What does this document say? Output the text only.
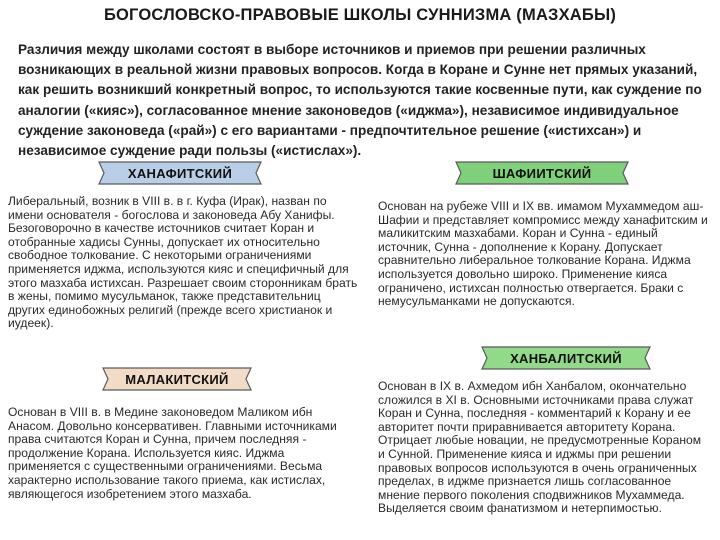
БОГОСЛОВСКО-ПРАВОВЫЕ ШКОЛЫ СУННИЗМА (МАЗХАБЫ)
Различия между школами состоят в выборе источников и приемов при решении различных возникающих в реальной жизни правовых вопросов. Когда в Коране и Сунне нет прямых указаний, как решить возникший конкретный вопрос, то используются такие косвенные пути, как суждение по аналогии («кияс»), согласованное мнение законоведов («иджма»), независимое индивидуальное суждение законоведа («рай») с его вариантами - предпочтительное решение («истихсан») и независимое суждение ради пользы («истислах»).
ХАНАФИТСКИЙ	ШАФИИТСКИЙ
МАЛАКИТСКИЙ
ХАНБАЛИТСКИЙ
Либеральный, возник в VIII в. в г. Куфа (Ирак), назван по имени основателя - богослова и законоведа Абу Ханифы. Безоговорочно в качестве источников считает Коран и отобранные хадисы Сунны, допускает их относительно свободное толкование. С некоторыми ограничениями применяется иджма, используются кияс и специфичный для этого мазхаба истихсан. Разрешает своим сторонникам брать в жены, помимо мусульманок, также представительниц других единобожных религий (прежде всего христианок и иудеек).
Основан на рубеже VIII и IX вв. имамом Мухаммедом аш-Шафии и представляет компромисс между ханафитским и маликитским мазхабами. Коран и Сунна - единый источник, Сунна - дополнение к Корану. Допускает сравнительно либеральное толкование Корана. Иджма используется довольно широко. Применение кияса ограничено, истихсан полностью отвергается. Браки с немусульманками не допускаются.
Основан в VIII в. в Медине законоведом Маликом ибн Анасом. Довольно консервативен. Главными источниками права считаются Коран и Сунна, причем последняя - продолжение Корана. Используется кияс. Иджма применяется с существенными ограничениями. Весьма характерно использование такого приема, как истислах, являющегося изобретением этого мазхаба.
Основан в IX в. Ахмедом ибн Ханбалом, окончательно сложился в XI в. Основными источниками права служат Коран и Сунна, последняя - комментарий к Корану и ее авторитет почти приравнивается авторитету Корана. Отрицает любые новации, не предусмотренные Кораном и Сунной. Применение кияса и иджмы при решении правовых вопросов используются в очень ограниченных пределах, в иджме признается лишь согласованное мнение первого поколения сподвижников Мухаммеда. Выделяется своим фанатизмом и нетерпимостью.
